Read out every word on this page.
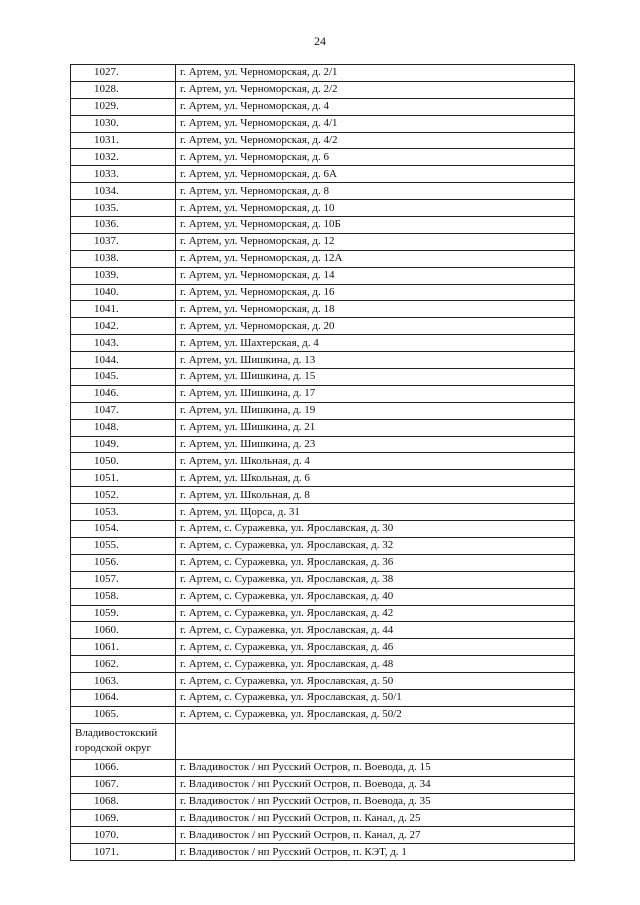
24
1027.	г. Артем, ул. Черноморская, д. 2/1
1028.	г. Артем, ул. Черноморская, д. 2/2
1029.	г. Артем, ул. Черноморская, д. 4
1030.	г. Артем, ул. Черноморская, д. 4/1
1031.	г. Артем, ул. Черноморская, д. 4/2
1032.	г. Артем, ул. Черноморская, д. 6
1033.	г. Артем, ул. Черноморская, д. 6А
1034.	г. Артем, ул. Черноморская, д. 8
1035.	г. Артем, ул. Черноморская, д. 10
1036.	г. Артем, ул. Черноморская, д. 10Б
1037.	г. Артем, ул. Черноморская, д. 12
1038.	г. Артем, ул. Черноморская, д. 12А
1039.	г. Артем, ул. Черноморская, д. 14
1040.	г. Артем, ул. Черноморская, д. 16
1041.	г. Артем, ул. Черноморская, д. 18
1042.	г. Артем, ул. Черноморская, д. 20
1043.	г. Артем, ул. Шахтерская, д. 4
1044.	г. Артем, ул. Шишкина, д. 13
1045.	г. Артем, ул. Шишкина, д. 15
1046.	г. Артем, ул. Шишкина, д. 17
1047.	г. Артем, ул. Шишкина, д. 19
1048.	г. Артем, ул. Шишкина, д. 21
1049.	г. Артем, ул. Шишкина, д. 23
1050.	г. Артем, ул. Школьная, д. 4
1051.	г. Артем, ул. Школьная, д. 6
1052.	г. Артем, ул. Школьная, д. 8
1053.	г. Артем, ул. Щорса, д. 31
1054.	г. Артем, с. Суражевка, ул. Ярославская, д. 30
1055.	г. Артем, с. Суражевка, ул. Ярославская, д. 32
1056.	г. Артем, с. Суражевка, ул. Ярославская, д. 36
1057.	г. Артем, с. Суражевка, ул. Ярославская, д. 38
1058.	г. Артем, с. Суражевка, ул. Ярославская, д. 40
1059.	г. Артем, с. Суражевка, ул. Ярославская, д. 42
1060.	г. Артем, с. Суражевка, ул. Ярославская, д. 44
1061.	г. Артем, с. Суражевка, ул. Ярославская, д. 46
1062.	г. Артем, с. Суражевка, ул. Ярославская, д. 48
1063.	г. Артем, с. Суражевка, ул. Ярославская, д. 50
1064.	г. Артем, с. Суражевка, ул. Ярославская, д. 50/1
1065.	г. Артем, с. Суражевка, ул. Ярославская, д. 50/2
Владивостокский городской округ	
1066.	г. Владивосток / нп Русский Остров, п. Воевода, д. 15
1067.	г. Владивосток / нп Русский Остров, п. Воевода, д. 34
1068.	г. Владивосток / нп Русский Остров, п. Воевода, д. 35
1069.	г. Владивосток / нп Русский Остров, п. Канал, д. 25
1070.	г. Владивосток / нп Русский Остров, п. Канал, д. 27
1071.	г. Владивосток / нп Русский Остров, п. КЭТ, д. 1
